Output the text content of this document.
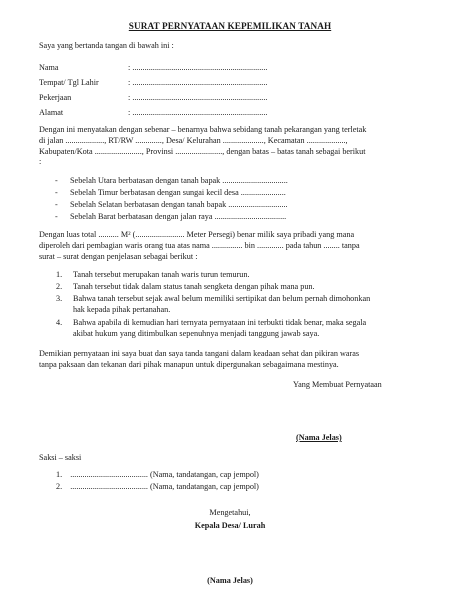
SURAT PERNYATAAN KEPEMILIKAN TANAH
Saya yang bertanda tangan di bawah ini :
Nama	: ..................................................................
Tempat/ Tgl Lahir	: ..................................................................
Pekerjaan	: ..................................................................
Alamat	: ..................................................................
Dengan ini menyatakan dengan sebenar – benarnya bahwa sebidang tanah pekarangan yang terletak
di jalan ..................., RT/RW ............., Desa/ Kelurahan ...................., Kecamatan ...................,
Kabupaten/Kota ......................., Provinsi ......................., dengan batas – batas tanah sebagai berikut
:
- Sebelah Utara berbatasan dengan tanah bapak ................................
- Sebelah Timur berbatasan dengan sungai kecil desa ......................
- Sebelah Selatan berbatasan dengan tanah bapak .............................
- Sebelah Barat berbatasan dengan jalan raya ...................................
Dengan luas total .......... M² (........................ Meter Persegi) benar milik saya pribadi yang mana
diperoleh dari pembagian waris orang tua atas nama ............... bin ............. pada tahun ........ tanpa
surat – surat dengan penjelasan sebagai berikut :
1. Tanah tersebut merupakan tanah waris turun temurun.
2. Tanah tersebut tidak dalam status tanah sengketa dengan pihak mana pun.
3. Bahwa tanah tersebut sejak awal belum memiliki sertipikat dan belum pernah dimohonkan
hak kepada pihak pertanahan.
4. Bahwa apabila di kemudian hari ternyata pernyataan ini terbukti tidak benar, maka segala
akibat hukum yang ditimbulkan sepenuhnya menjadi tanggung jawab saya.
Demikian pernyataan ini saya buat dan saya tanda tangani dalam keadaan sehat dan pikiran waras
tanpa paksaan dan tekanan dari pihak manapun untuk dipergunakan sebagaimana mestinya.
Yang Membuat Pernyataan
(Nama Jelas)
Saksi – saksi
1. ...................................... (Nama, tandatangan, cap jempol)
2. ...................................... (Nama, tandatangan, cap jempol)
Mengetahui,
Kepala Desa/ Lurah
(Nama Jelas)
